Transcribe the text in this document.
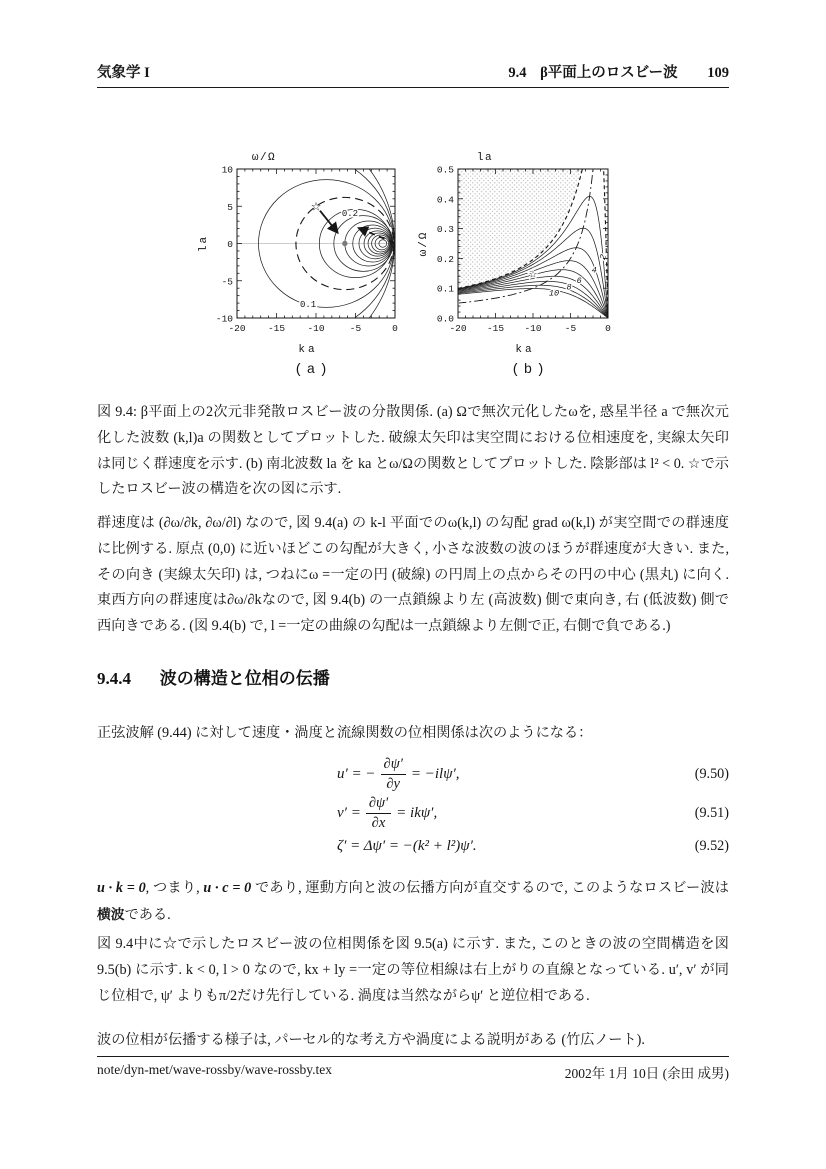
気象学 I	9.4 β平面上のロスビー波 109
☆
0.2
0.1
-20 -15 -10	-5	0
-10
-5
0
5
10
ω/Ω
ka
la
(a)
2
4
6
8
10
☆
-20 -15 -10 -5	0
0.0
0.1
0.2
0.3
0.4
0.5
la
ka
ω/Ω
(b)
図 9.4: β平面上の2次元非発散ロスビー波の分散関係. (a) Ωで無次元化したωを, 惑星半径 a で無次元化した波数 (k,l)a の関数としてプロットした. 破線太矢印は実空間における位相速度を, 実線太矢印は同じく群速度を示す. (b) 南北波数 la を ka とω/Ωの関数としてプロットした. 陰影部は l² < 0. ☆で示したロスビー波の構造を次の図に示す.
群速度は (∂ω/∂k, ∂ω/∂l) なので, 図 9.4(a) の k-l 平面でのω(k,l) の勾配 grad ω(k,l) が実空間での群速度に比例する. 原点 (0,0) に近いほどこの勾配が大きく, 小さな波数の波のほうが群速度が大きい. また, その向き (実線太矢印) は, つねにω =一定の円 (破線) の円周上の点からその円の中心 (黒丸) に向く. 東西方向の群速度は∂ω/∂kなので, 図 9.4(b) の一点鎖線より左 (高波数) 側で東向き, 右 (低波数) 側で西向きである. (図 9.4(b) で, l =一定の曲線の勾配は一点鎖線より左側で正, 右側で負である.)
9.4.4 波の構造と位相の伝播
正弦波解 (9.44) に対して速度・渦度と流線関数の位相関係は次のようになる：
u′ = − $\frac{\partial\psi'}{\partial y} = -il\psi'$,	(9.50)
$v' = \frac{\partial\psi'}{\partial x} = ik\psi'$,	(9.51)
ζ′ = Δψ′ = −(k² + l²)ψ′.	(9.52)
u · k = 0, つまり, u · c = 0 であり, 運動方向と波の伝播方向が直交するので, このようなロスビー波は横波である.
図 9.4中に☆で示したロスビー波の位相関係を図 9.5(a) に示す. また, このときの波の空間構造を図 9.5(b) に示す. k < 0, l > 0 なので, kx + ly =一定の等位相線は右上がりの直線となっている. u′, v′ が同じ位相で, ψ′ よりもπ/2だけ先行している. 渦度は当然ながらψ′ と逆位相である.
波の位相が伝播する様子は, パーセル的な考え方や渦度による説明がある (竹広ノート).
note/dyn-met/wave-rossby/wave-rossby.tex	2002年 1月 10日 (余田 成男)
